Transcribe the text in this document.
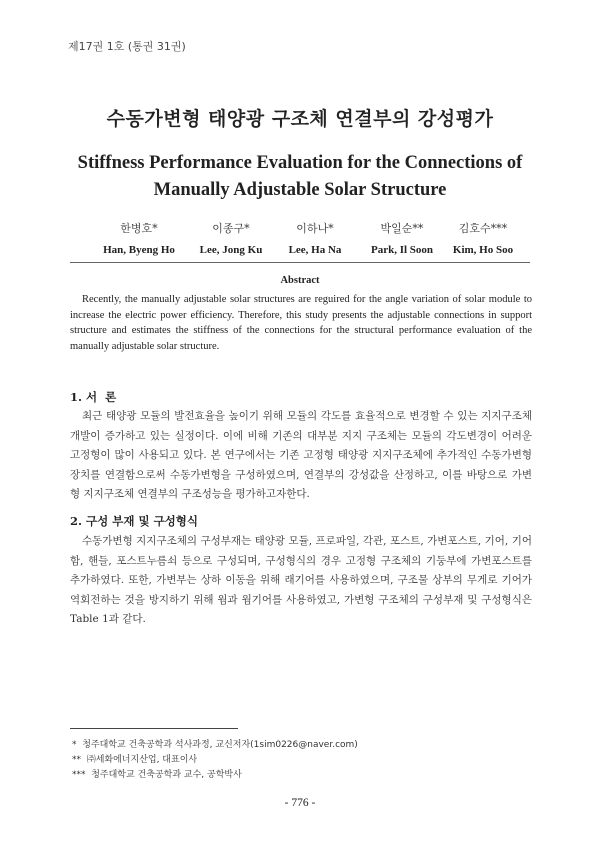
제17권 1호 (통권 31권)
수동가변형 태양광 구조체 연결부의 강성평가
Stiffness Performance Evaluation for the Connections of Manually Adjustable Solar Structure
한병호*
Han, Byeng Ho
이종구*
Lee, Jong Ku
이하나*
Lee, Ha Na
박일순**
Park, Il Soon
김호수***
Kim, Ho Soo
Abstract
Recently, the manually adjustable solar structures are reguired for the angle variation of solar module to increase the electric power efficiency. Therefore, this study presents the adjustable connections in support structure and estimates the stiffness of the connections for the structural performance evaluation of the manually adjustable solar structure.
1. 서  론
최근 태양광 모듈의 발전효율을 높이기 위해 모듈의 각도를 효율적으로 변경할 수 있는 지지구조체 개발이 증가하고 있는 실정이다. 이에 비해 기존의 대부분 지지 구조체는 모듈의 각도변경이 어려운 고정형이 많이 사용되고 있다. 본 연구에서는 기존 고정형 태양광 지지구조체에 추가적인 수동가변형 장치를 연결함으로써 수동가변형을 구성하였으며, 연결부의 강성값을 산정하고, 이를 바탕으로 가변형 지지구조체 연결부의 구조성능을 평가하고자한다.
2. 구성 부재 및 구성형식
수동가변형 지지구조체의 구성부재는 태양광 모듈, 프로파일, 각관, 포스트, 가변포스트, 기어, 기어함, 핸들, 포스트누름쇠 등으로 구성되며, 구성형식의 경우 고정형 구조체의 기둥부에 가변포스트를 추가하였다. 또한, 가변부는 상하 이동을 위해 래기어를 사용하였으며, 구조물 상부의 무게로 기어가 역회전하는 것을 방지하기 위해 웜과 웜기어를 사용하였고, 가변형 구조체의 구성부재 및 구성형식은 Table 1과 같다.
*  청주대학교 건축공학과 석사과정, 교신저자(1sim0226@naver.com)
**  ㈜세화에너지산업, 대표이사
***  청주대학교 건축공학과 교수, 공학박사
- 776 -
